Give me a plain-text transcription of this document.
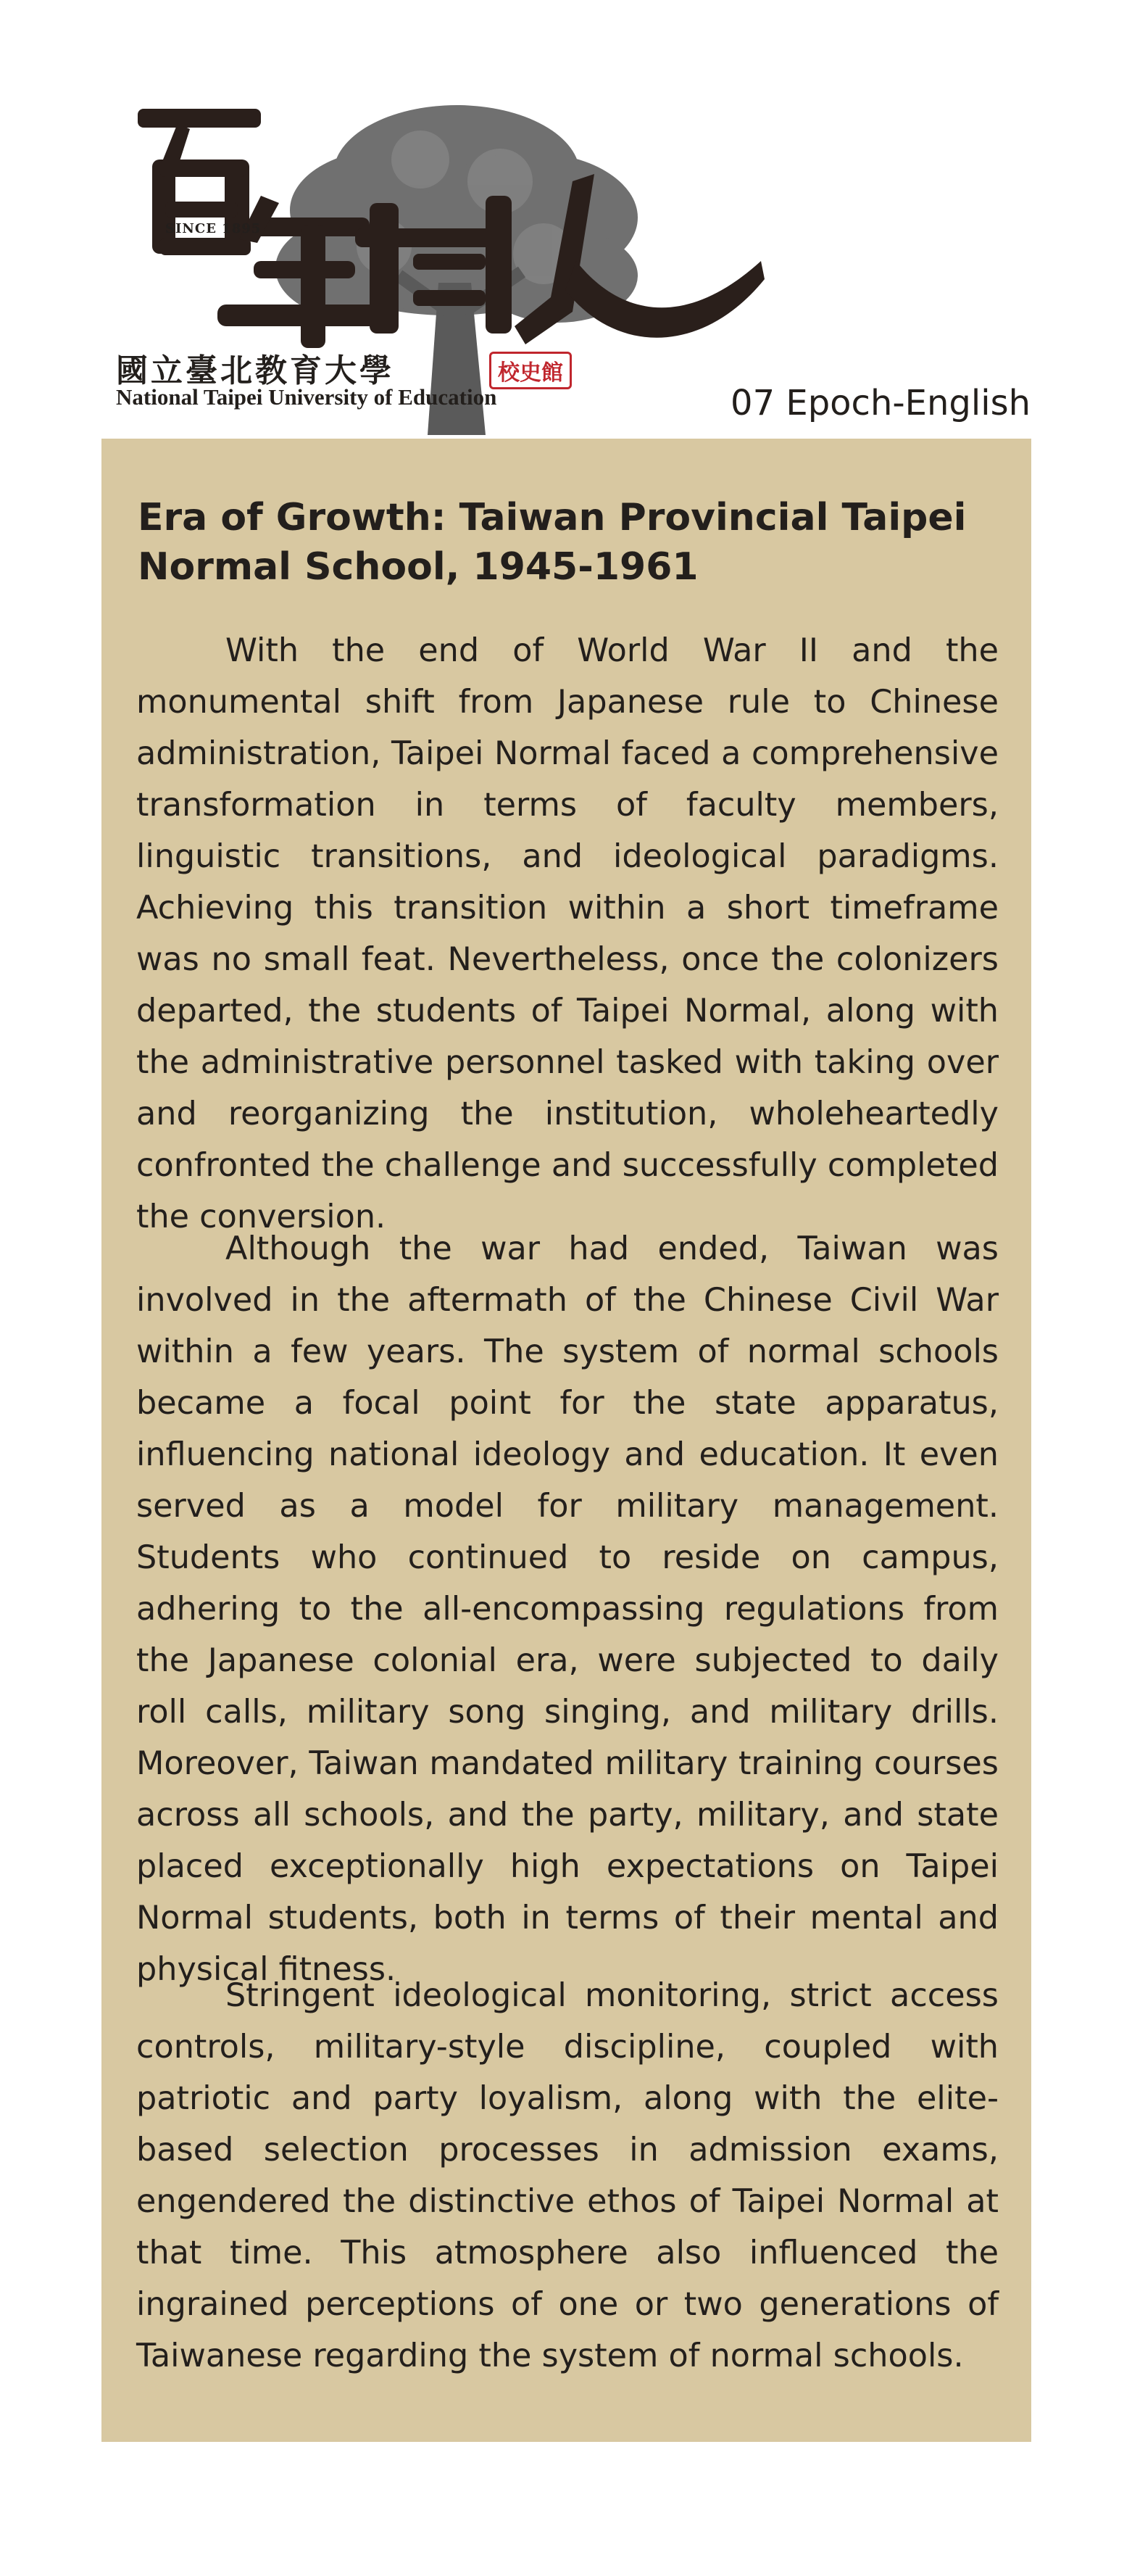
SINCE 1895
國立臺北教育大學	校史館
National Taipei University of Education	07 Epoch-English
Era of Growth: Taiwan Provincial Taipei Normal School, 1945-1961

With the end of World War II and the monumental shift from Japanese rule to Chinese administration, Taipei Normal faced a comprehensive transformation in terms of faculty members, linguistic transitions, and ideological paradigms. Achieving this transition within a short timeframe was no small feat. Nevertheless, once the colonizers departed, the students of Taipei Normal, along with the administrative personnel tasked with taking over and reorganizing the institution, wholeheartedly confronted the challenge and successfully completed the conversion.

Although the war had ended, Taiwan was involved in the aftermath of the Chinese Civil War within a few years. The system of normal schools became a focal point for the state apparatus, influencing national ideology and education. It even served as a model for military management. Students who continued to reside on campus, adhering to the all-encompassing regulations from the Japanese colonial era, were subjected to daily roll calls, military song singing, and military drills. Moreover, Taiwan mandated military training courses across all schools, and the party, military, and state placed exceptionally high expectations on Taipei Normal students, both in terms of their mental and physical fitness.

Stringent ideological monitoring, strict access controls, military-style discipline, coupled with patriotic and party loyalism, along with the elite-based selection processes in admission exams, engendered the distinctive ethos of Taipei Normal at that time. This atmosphere also influenced the ingrained perceptions of one or two generations of Taiwanese regarding the system of normal schools.
